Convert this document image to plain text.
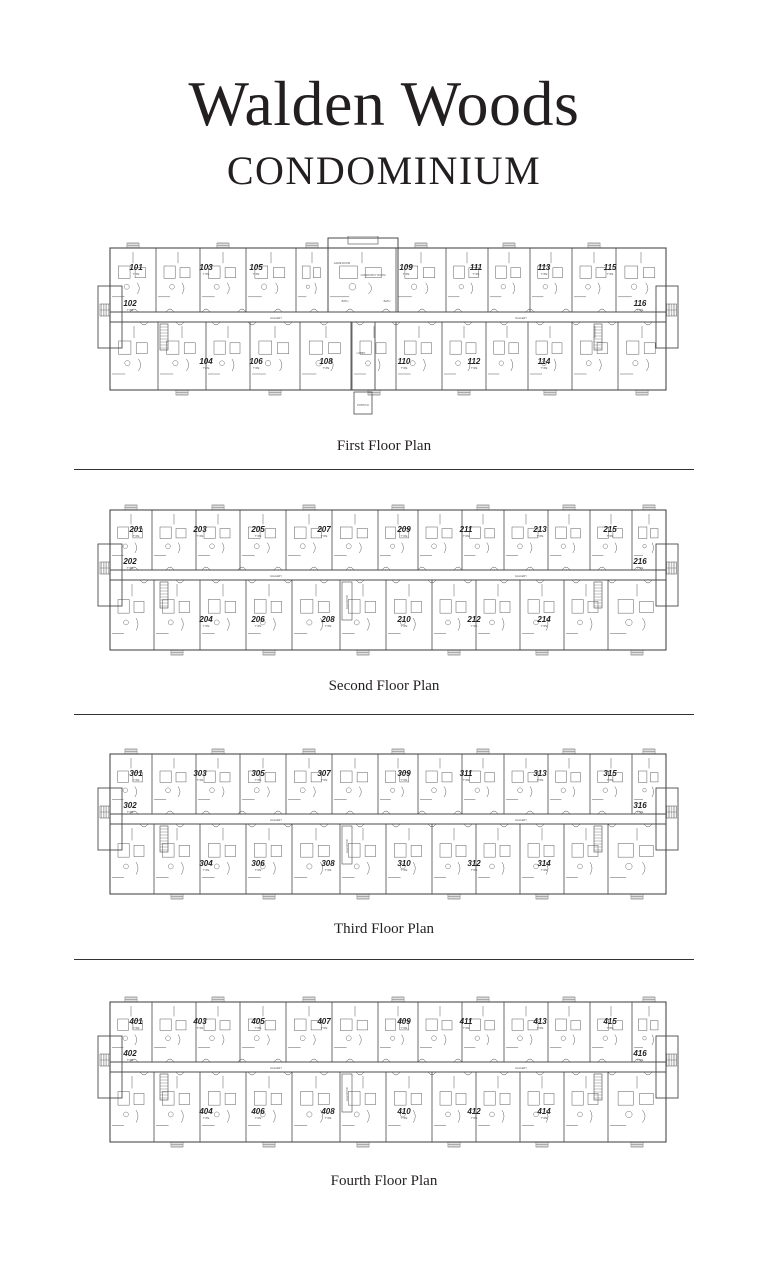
Walden Woods
CONDOMINIUM
GALLERY	GALLERY
GAME ROOM
COMMUNITY ROOM
LOBBY
BATH	BATH
PORTICO
101
TYPE
103
TYPE
105
TYPE
109
TYPE
111
TYPE
113
TYPE
115
TYPE
104
TYPE
106
TYPE
108
TYPE
110
TYPE
112
TYPE
114
TYPE
102
TYPE
116
TYPE
First Floor Plan
GALLERY	GALLERY
ELEVATOR
201
TYPE
203
TYPE
205
TYPE
207
TYPE
209
TYPE
211
TYPE
213
TYPE
215
TYPE
204
TYPE
206
TYPE
208
TYPE
210
TYPE
212
TYPE
214
TYPE
202
TYPE
216
TYPE
Second Floor Plan
GALLERY	GALLERY
ELEVATOR
301
TYPE
303
TYPE
305
TYPE
307
TYPE
309
TYPE
311
TYPE
313
TYPE
315
TYPE
304
TYPE
306
TYPE
308
TYPE
310
TYPE
312
TYPE
314
TYPE
302
TYPE
316
TYPE
Third Floor Plan
GALLERY	GALLERY
ELEVATOR
401
TYPE
403
TYPE
405
TYPE
407
TYPE
409
TYPE
411
TYPE
413
TYPE
415
TYPE
404
TYPE
406
TYPE
408
TYPE
410
TYPE
412
TYPE
414
TYPE
402
TYPE
416
TYPE
Fourth Floor Plan
